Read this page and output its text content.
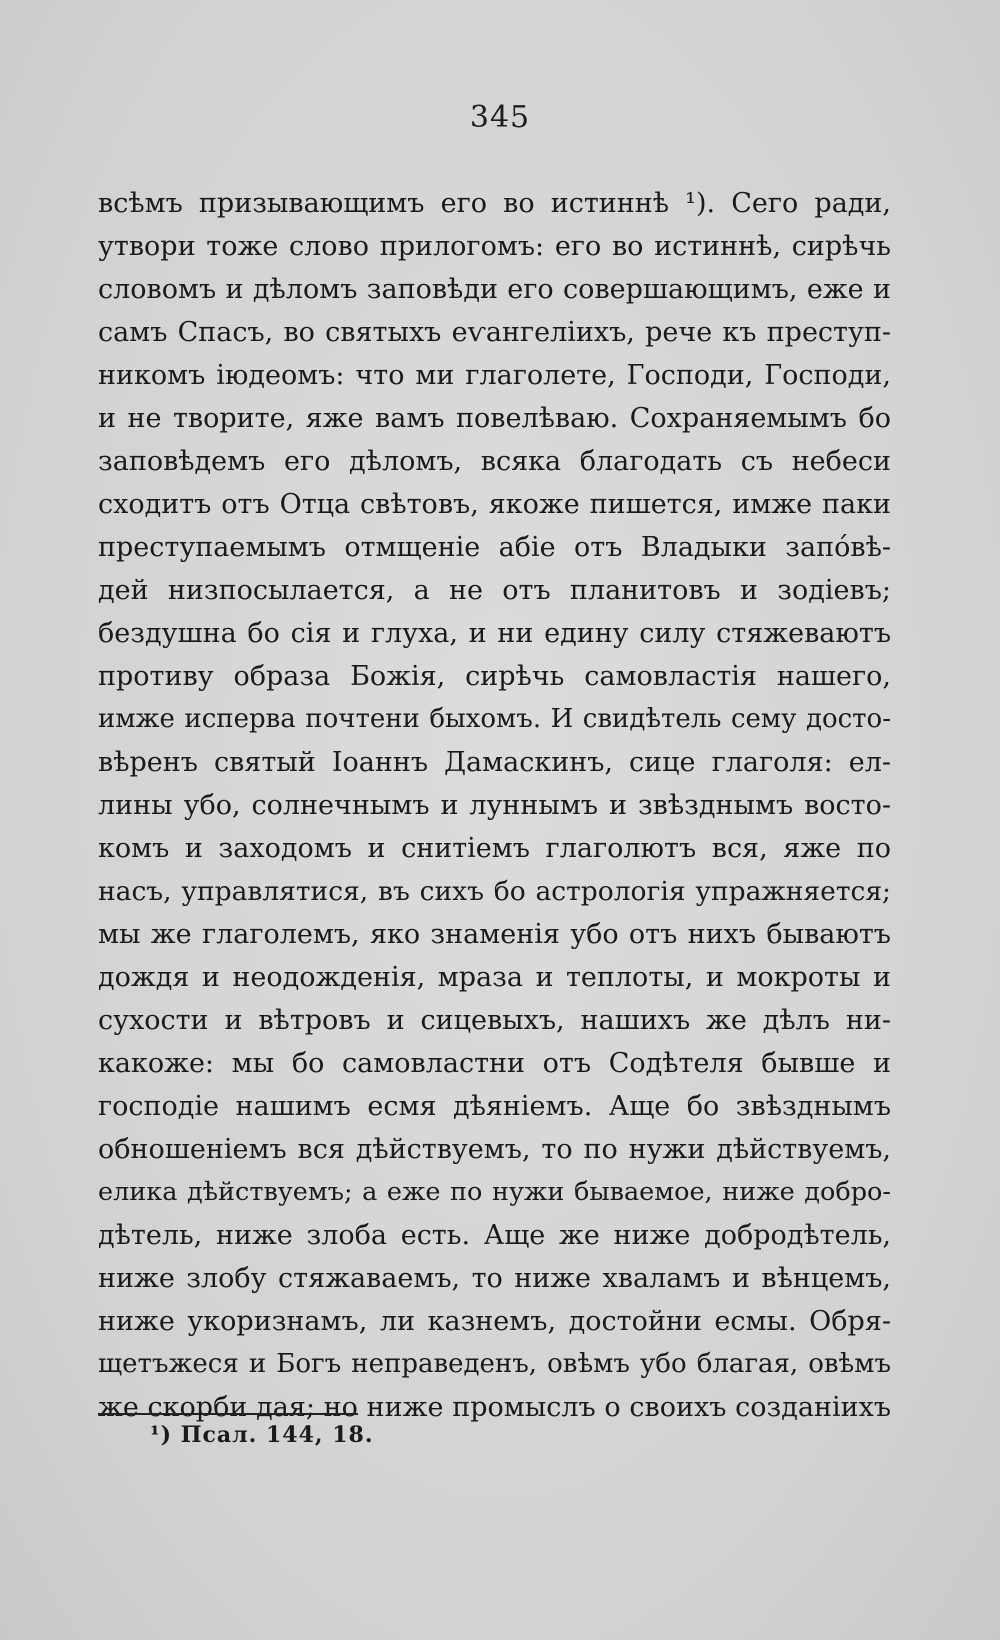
345
всѣмъ призывающимъ его во истиннѣ ¹). Сего ради,
утвори тоже слово прилогомъ: его во истиннѣ, сирѣчь
словомъ и дѣломъ заповѣди его совершающимъ, еже и
самъ Спасъ, во святыхъ еѵангелiихъ, рече къ преступ-
никомъ iюдеомъ: что ми глаголете, Господи, Господи,
и не творите, яже вамъ повелѣваю. Сохраняемымъ бо
заповѣдемъ его дѣломъ, всяка благодать съ небеси
сходитъ отъ Отца свѣтовъ, якоже пишется, имже паки
преступаемымъ отмщенiе абiе отъ Владыки запо́вѣ-
дей низпосылается, а не отъ планитовъ и зодiевъ;
бездушна бо сiя и глуха, и ни едину силу стяжеваютъ
противу образа Божiя, сирѣчь самовластiя нашего,
имже исперва почтени быхомъ. И свидѣтель сему досто-
вѣренъ святый Iоаннъ Дамаскинъ, сице глаголя: ел-
лины убо, солнечнымъ и луннымъ и звѣзднымъ восто-
комъ и заходомъ и снитiемъ глаголютъ вся, яже по
насъ, управлятися, въ сихъ бо астрологiя упражняется;
мы же глаголемъ, яко знаменiя убо отъ нихъ бываютъ
дождя и неодожденiя, мраза и теплоты, и мокроты и
сухости и вѣтровъ и сицевыхъ, нашихъ же дѣлъ ни-
какоже: мы бо самовластни отъ Содѣтеля бывше и
господiе нашимъ есмя дѣянiемъ. Аще бо звѣзднымъ
обношенiемъ вся дѣйствуемъ, то по нужи дѣйствуемъ,
елика дѣйствуемъ; а еже по нужи бываемое, ниже добро-
дѣтель, ниже злоба есть. Аще же ниже добродѣтель,
ниже злобу стяжаваемъ, то ниже хваламъ и вѣнцемъ,
ниже укоризнамъ, ли казнемъ, достойни есмы. Обря-
щетъжеся и Богъ неправеденъ, овѣмъ убо благая, овѣмъ
же скорби дая; но ниже промыслъ о своихъ созданiихъ
¹) Псал. 144, 18.
